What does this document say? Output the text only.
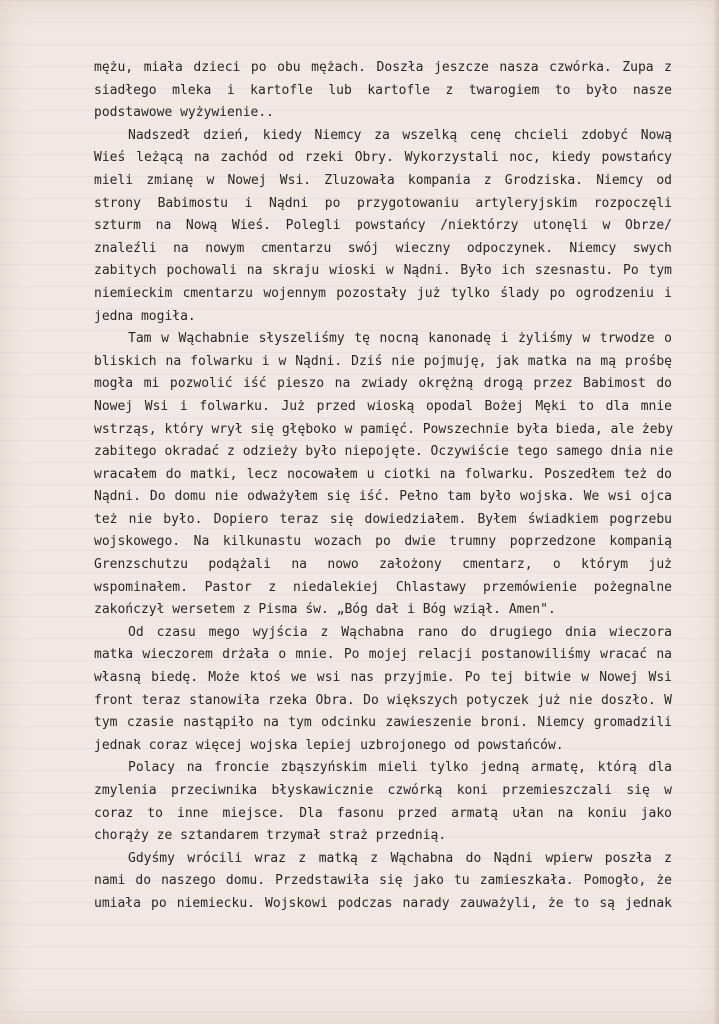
mężu, miała dzieci po obu mężach. Doszła jeszcze nasza czwórka. Zupa z
siadłego mleka i kartofle lub kartofle z twarogiem to było nasze
podstawowe wyżywienie..
Nadszedł dzień, kiedy Niemcy za wszelką cenę chcieli zdobyć Nową
Wieś leżącą na zachód od rzeki Obry. Wykorzystali noc, kiedy powstańcy
mieli zmianę w Nowej Wsi. Zluzowała kompania z Grodziska. Niemcy od
strony Babimostu i Nądni po przygotowaniu artyleryjskim rozpoczęli
szturm na Nową Wieś. Polegli powstańcy /niektórzy utonęli w Obrze/
znaleźli na nowym cmentarzu swój wieczny odpoczynek. Niemcy swych
zabitych pochowali na skraju wioski w Nądni. Było ich szesnastu. Po tym
niemieckim cmentarzu wojennym pozostały już tylko ślady po ogrodzeniu i
jedna mogiła.
Tam w Wąchabnie słyszeliśmy tę nocną kanonadę i żyliśmy w trwodze o
bliskich na folwarku i w Nądni. Dziś nie pojmuję, jak matka na mą prośbę
mogła mi pozwolić iść pieszo na zwiady okrężną drogą przez Babimost do
Nowej Wsi i folwarku. Już przed wioską opodal Bożej Męki to dla mnie
wstrząs, który wrył się głęboko w pamięć. Powszechnie była bieda, ale żeby
zabitego okradać z odzieży było niepojęte. Oczywiście tego samego dnia nie
wracałem do matki, lecz nocowałem u ciotki na folwarku. Poszedłem też do
Nądni. Do domu nie odważyłem się iść. Pełno tam było wojska. We wsi ojca
też nie było. Dopiero teraz się dowiedziałem. Byłem świadkiem pogrzebu
wojskowego. Na kilkunastu wozach po dwie trumny poprzedzone kompanią
Grenzschutzu podążali na nowo założony cmentarz, o którym już
wspominałem. Pastor z niedalekiej Chlastawy przemówienie pożegnalne
zakończył wersetem z Pisma św. „Bóg dał i Bóg wziął. Amen".
Od czasu mego wyjścia z Wąchabna rano do drugiego dnia wieczora
matka wieczorem drżała o mnie. Po mojej relacji postanowiliśmy wracać na
własną biedę. Może ktoś we wsi nas przyjmie. Po tej bitwie w Nowej Wsi
front teraz stanowiła rzeka Obra. Do większych potyczek już nie doszło. W
tym czasie nastąpiło na tym odcinku zawieszenie broni. Niemcy gromadzili
jednak coraz więcej wojska lepiej uzbrojonego od powstańców.
Polacy na froncie zbąszyńskim mieli tylko jedną armatę, którą dla
zmylenia przeciwnika błyskawicznie czwórką koni przemieszczali się w
coraz to inne miejsce. Dla fasonu przed armatą ułan na koniu jako
chorąży ze sztandarem trzymał straż przednią.
Gdyśmy wrócili wraz z matką z Wąchabna do Nądni wpierw poszła z
nami do naszego domu. Przedstawiła się jako tu zamieszkała. Pomogło, że
umiała po niemiecku. Wojskowi podczas narady zauważyli, że to są jednak
